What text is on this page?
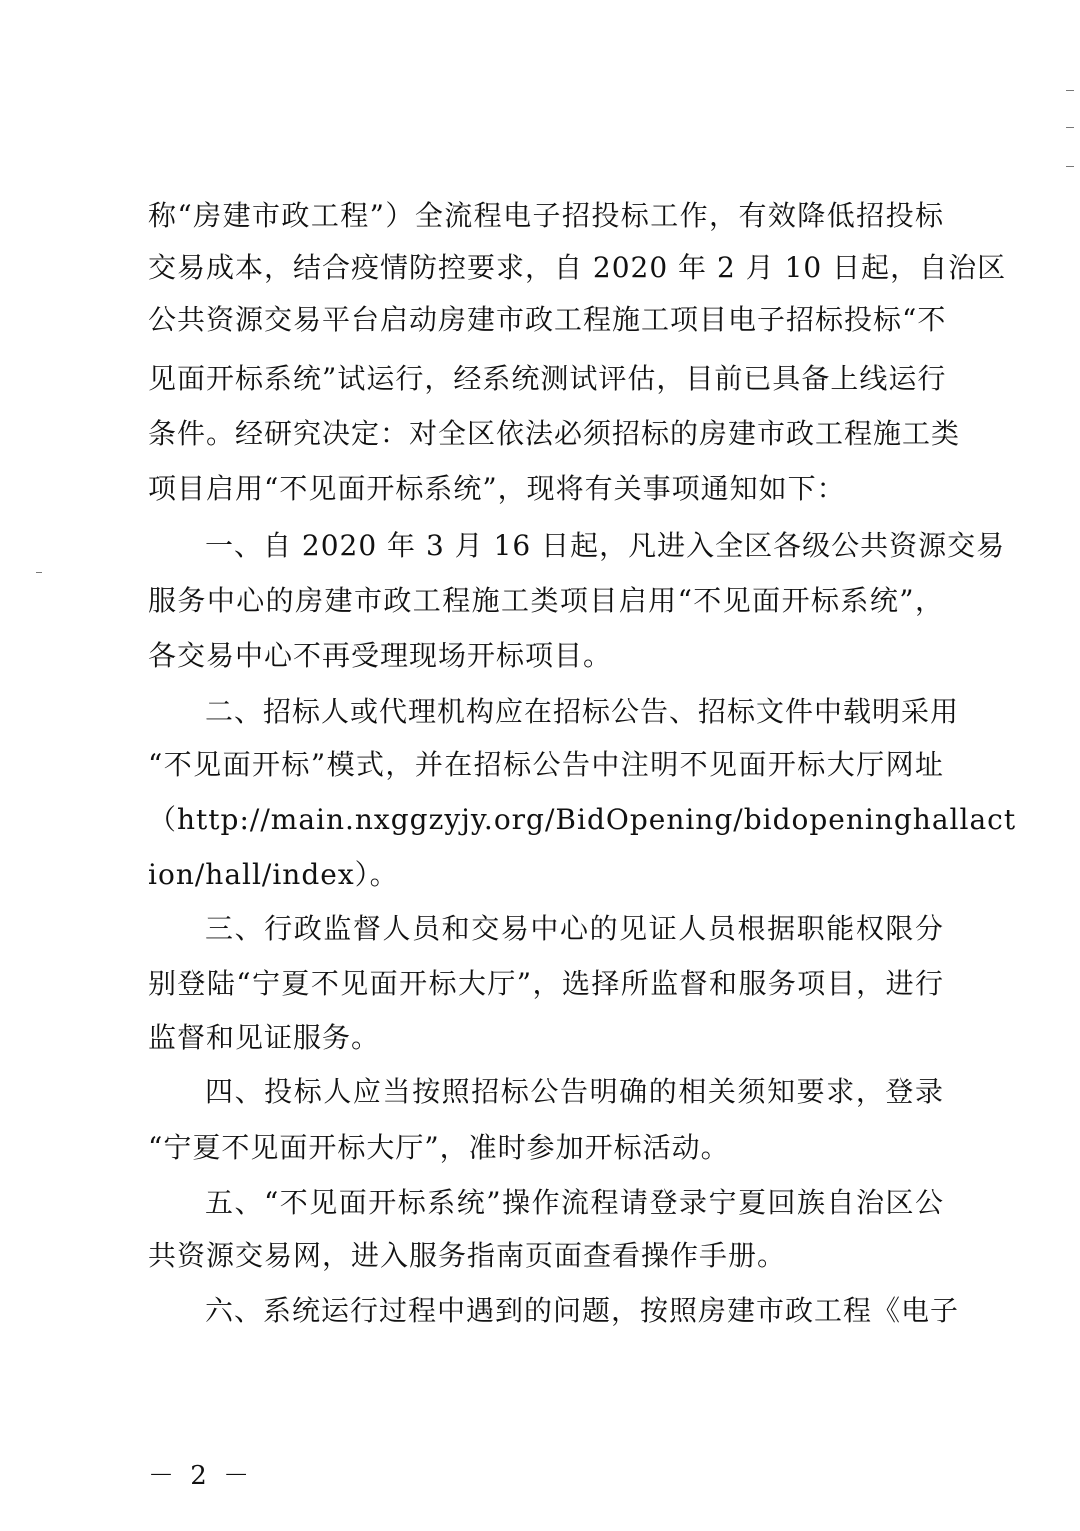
称“房建市政工程”）全流程电子招投标工作，有效降低招投标
交易成本，结合疫情防控要求，自 2020 年 2 月 10 日起，自治区
公共资源交易平台启动房建市政工程施工项目电子招标投标“不
见面开标系统”试运行，经系统测试评估，目前已具备上线运行
条件。经研究决定：对全区依法必须招标的房建市政工程施工类
项目启用“不见面开标系统”，现将有关事项通知如下：
一、自 2020 年 3 月 16 日起，凡进入全区各级公共资源交易
服务中心的房建市政工程施工类项目启用“不见面开标系统”，
各交易中心不再受理现场开标项目。
二、招标人或代理机构应在招标公告、招标文件中载明采用
“不见面开标”模式，并在招标公告中注明不见面开标大厅网址
（http://main.nxggzyjy.org/BidOpening/bidopeninghallact
ion/hall/index）。
三、行政监督人员和交易中心的见证人员根据职能权限分
别登陆“宁夏不见面开标大厅”，选择所监督和服务项目，进行
监督和见证服务。
四、投标人应当按照招标公告明确的相关须知要求，登录
“宁夏不见面开标大厅”，准时参加开标活动。
五、“不见面开标系统”操作流程请登录宁夏回族自治区公
共资源交易网，进入服务指南页面查看操作手册。
六、系统运行过程中遇到的问题，按照房建市政工程《电子
－ 2 －
